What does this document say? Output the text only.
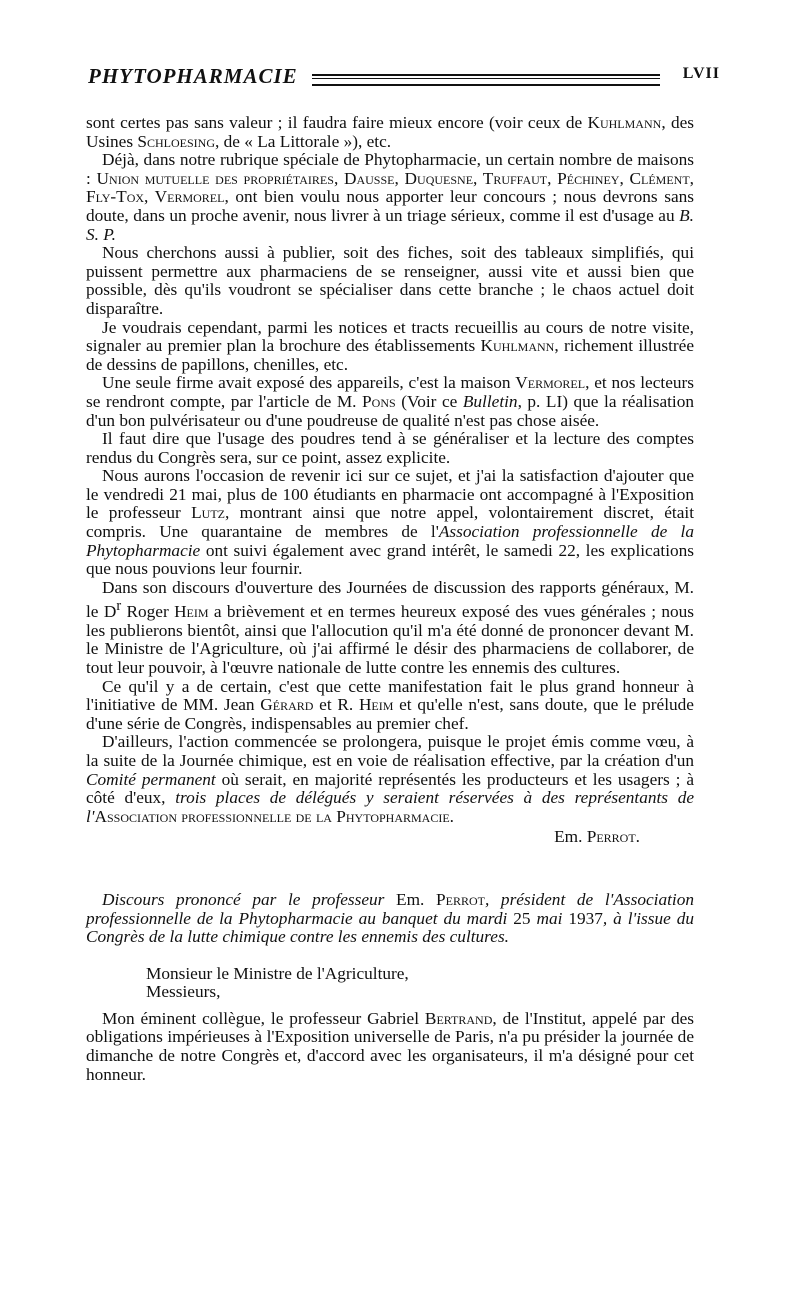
PHYTOPHARMACIE	LVII

sont certes pas sans valeur ; il faudra faire mieux encore (voir ceux de Kuhlmann, des Usines Schloesing, de « La Littorale »), etc.

Déjà, dans notre rubrique spéciale de Phytopharmacie, un certain nombre de maisons : Union mutuelle des propriétaires, Dausse, Duquesne, Truffaut, Péchiney, Clément, Fly-Tox, Vermorel, ont bien voulu nous apporter leur concours ; nous devrons sans doute, dans un proche avenir, nous livrer à un triage sérieux, comme il est d'usage au B. S. P.

Nous cherchons aussi à publier, soit des fiches, soit des tableaux simplifiés, qui puissent permettre aux pharmaciens de se renseigner, aussi vite et aussi bien que possible, dès qu'ils voudront se spécialiser dans cette branche ; le chaos actuel doit disparaître.

Je voudrais cependant, parmi les notices et tracts recueillis au cours de notre visite, signaler au premier plan la brochure des établissements Kuhlmann, richement illustrée de dessins de papillons, chenilles, etc.

Une seule firme avait exposé des appareils, c'est la maison Vermorel, et nos lecteurs se rendront compte, par l'article de M. Pons (Voir ce Bulletin, p. LI) que la réalisation d'un bon pulvérisateur ou d'une poudreuse de qualité n'est pas chose aisée.

Il faut dire que l'usage des poudres tend à se généraliser et la lecture des comptes rendus du Congrès sera, sur ce point, assez explicite.

Nous aurons l'occasion de revenir ici sur ce sujet, et j'ai la satisfaction d'ajouter que le vendredi 21 mai, plus de 100 étudiants en pharmacie ont accompagné à l'Exposition le professeur Lutz, montrant ainsi que notre appel, volontairement discret, était compris. Une quarantaine de membres de l'Association professionnelle de la Phytopharmacie ont suivi également avec grand intérêt, le samedi 22, les explications que nous pouvions leur fournir.

Dans son discours d'ouverture des Journées de discussion des rapports généraux, M. le $D^r$ Roger Heim a brièvement et en termes heureux exposé des vues générales ; nous les publierons bientôt, ainsi que l'allocution qu'il m'a été donné de prononcer devant M. le Ministre de l'Agriculture, où j'ai affirmé le désir des pharmaciens de collaborer, de tout leur pouvoir, à l'œuvre nationale de lutte contre les ennemis des cultures.

Ce qu'il y a de certain, c'est que cette manifestation fait le plus grand honneur à l'initiative de MM. Jean Gérard et R. Heim et qu'elle n'est, sans doute, que le prélude d'une série de Congrès, indispensables au premier chef.

D'ailleurs, l'action commencée se prolongera, puisque le projet émis comme vœu, à la suite de la Journée chimique, est en voie de réalisation effective, par la création d'un Comité permanent où serait, en majorité représentés les producteurs et les usagers ; à côté d'eux, trois places de délégués y seraient réservées à des représentants de l'Association professionnelle de la Phytopharmacie.

Em. Perrot.

Discours prononcé par le professeur Em. Perrot, président de l'Association professionnelle de la Phytopharmacie au banquet du mardi 25 mai 1937, à l'issue du Congrès de la lutte chimique contre les ennemis des cultures.

Monsieur le Ministre de l'Agriculture,
Messieurs,

Mon éminent collègue, le professeur Gabriel Bertrand, de l'Institut, appelé par des obligations impérieuses à l'Exposition universelle de Paris, n'a pu présider la journée de dimanche de notre Congrès et, d'accord avec les organisateurs, il m'a désigné pour cet honneur.
